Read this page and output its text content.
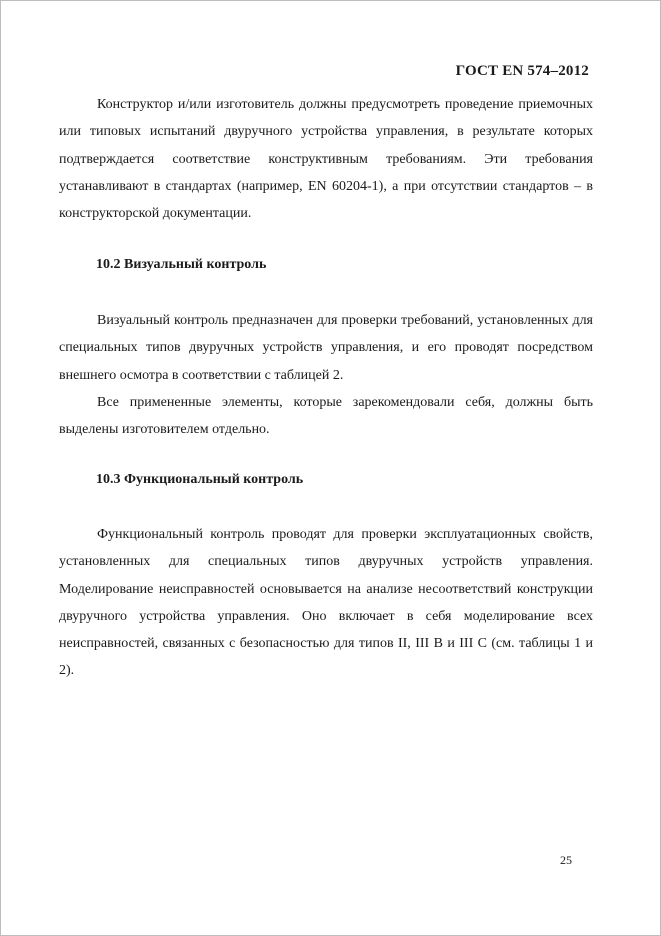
ГОСТ EN 574–2012

Конструктор и/или изготовитель должны предусмотреть проведение приемочных или типовых испытаний двуручного устройства управления, в результате которых подтверждается соответствие конструктивным требованиям. Эти требования устанавливают в стандартах (например, EN 60204-1), а при отсутствии стандартов – в конструкторской документации.

10.2 Визуальный контроль

Визуальный контроль предназначен для проверки требований, установленных для специальных типов двуручных устройств управления, и его проводят посредством внешнего осмотра в соответствии с таблицей 2.

Все примененные элементы, которые зарекомендовали себя, должны быть выделены изготовителем отдельно.

10.3 Функциональный контроль

Функциональный контроль проводят для проверки эксплуатационных свойств, установленных для специальных типов двуручных устройств управления. Моделирование неисправностей основывается на анализе несоответствий конструкции двуручного устройства управления. Оно включает в себя моделирование всех неисправностей, связанных с безопасностью для типов II, III B и III C (см. таблицы 1 и 2).

25
